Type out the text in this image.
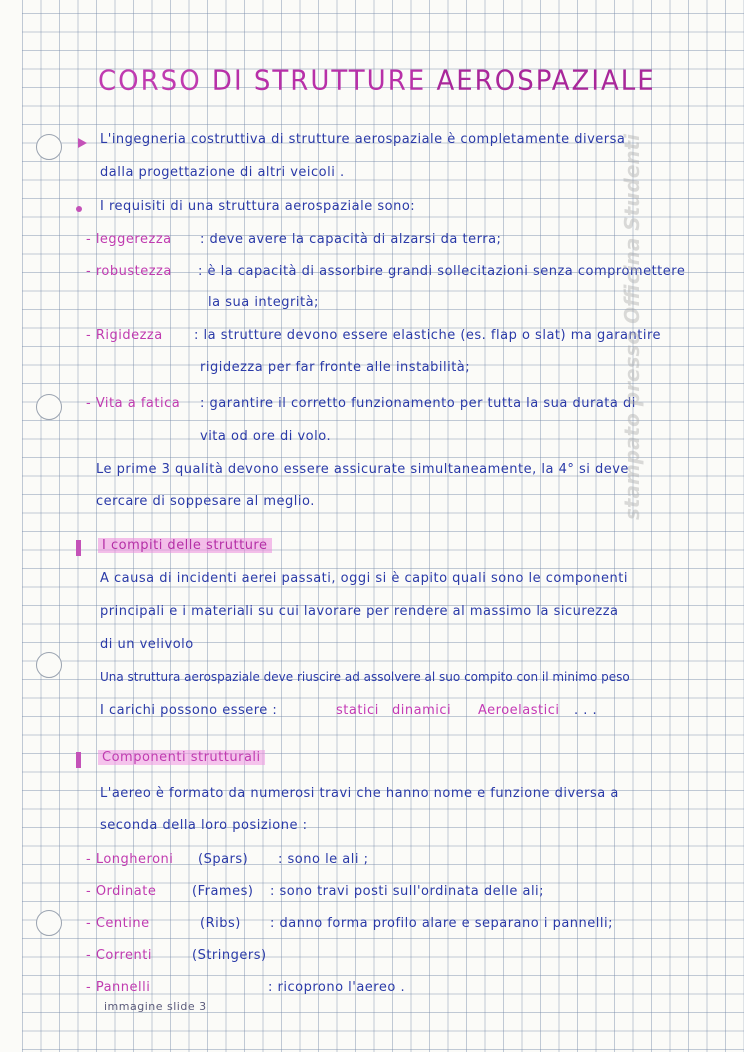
CORSO DI STRUTTURE AEROSPAZIALE
L'ingegneria costruttiva di strutture aerospaziale è completamente diversa
dalla progettazione di altri veicoli .
I requisiti di una struttura aerospaziale sono:
- leggerezza : deve avere la capacità di alzarsi da terra;
- robustezza : è la capacità di assorbire grandi sollecitazioni senza compromettere
la sua integrità;
- Rigidezza : la strutture devono essere elastiche (es. flap o slat) ma garantire
rigidezza per far fronte alle instabilità;
- Vita a fatica : garantire il corretto funzionamento per tutta la sua durata di
vita od ore di volo.
Le prime 3 qualità devono essere assicurate simultaneamente, la 4° si deve
cercare di soppesare al meglio.
I compiti delle strutture
A causa di incidenti aerei passati, oggi si è capito quali sono le componenti
principali e i materiali su cui lavorare per rendere al massimo la sicurezza
di un velivolo
Una struttura aerospaziale deve riuscire ad assolvere al suo compito con il minimo peso
I carichi possono essere :	statici dinamici Aeroelastici . . .
Componenti strutturali
L'aereo è formato da numerosi travi che hanno nome e funzione diversa a
seconda della loro posizione :
- Longheroni (Spars) : sono le ali ;
- Ordinate	(Frames) : sono travi posti sull'ordinata delle ali;
- Centine	(Ribs) : danno forma profilo alare e separano i pannelli;
- Correnti	(Stringers)
- Pannelli	: ricoprono l'aereo .
immagine slide 3
stampato presso Officina Studenti
